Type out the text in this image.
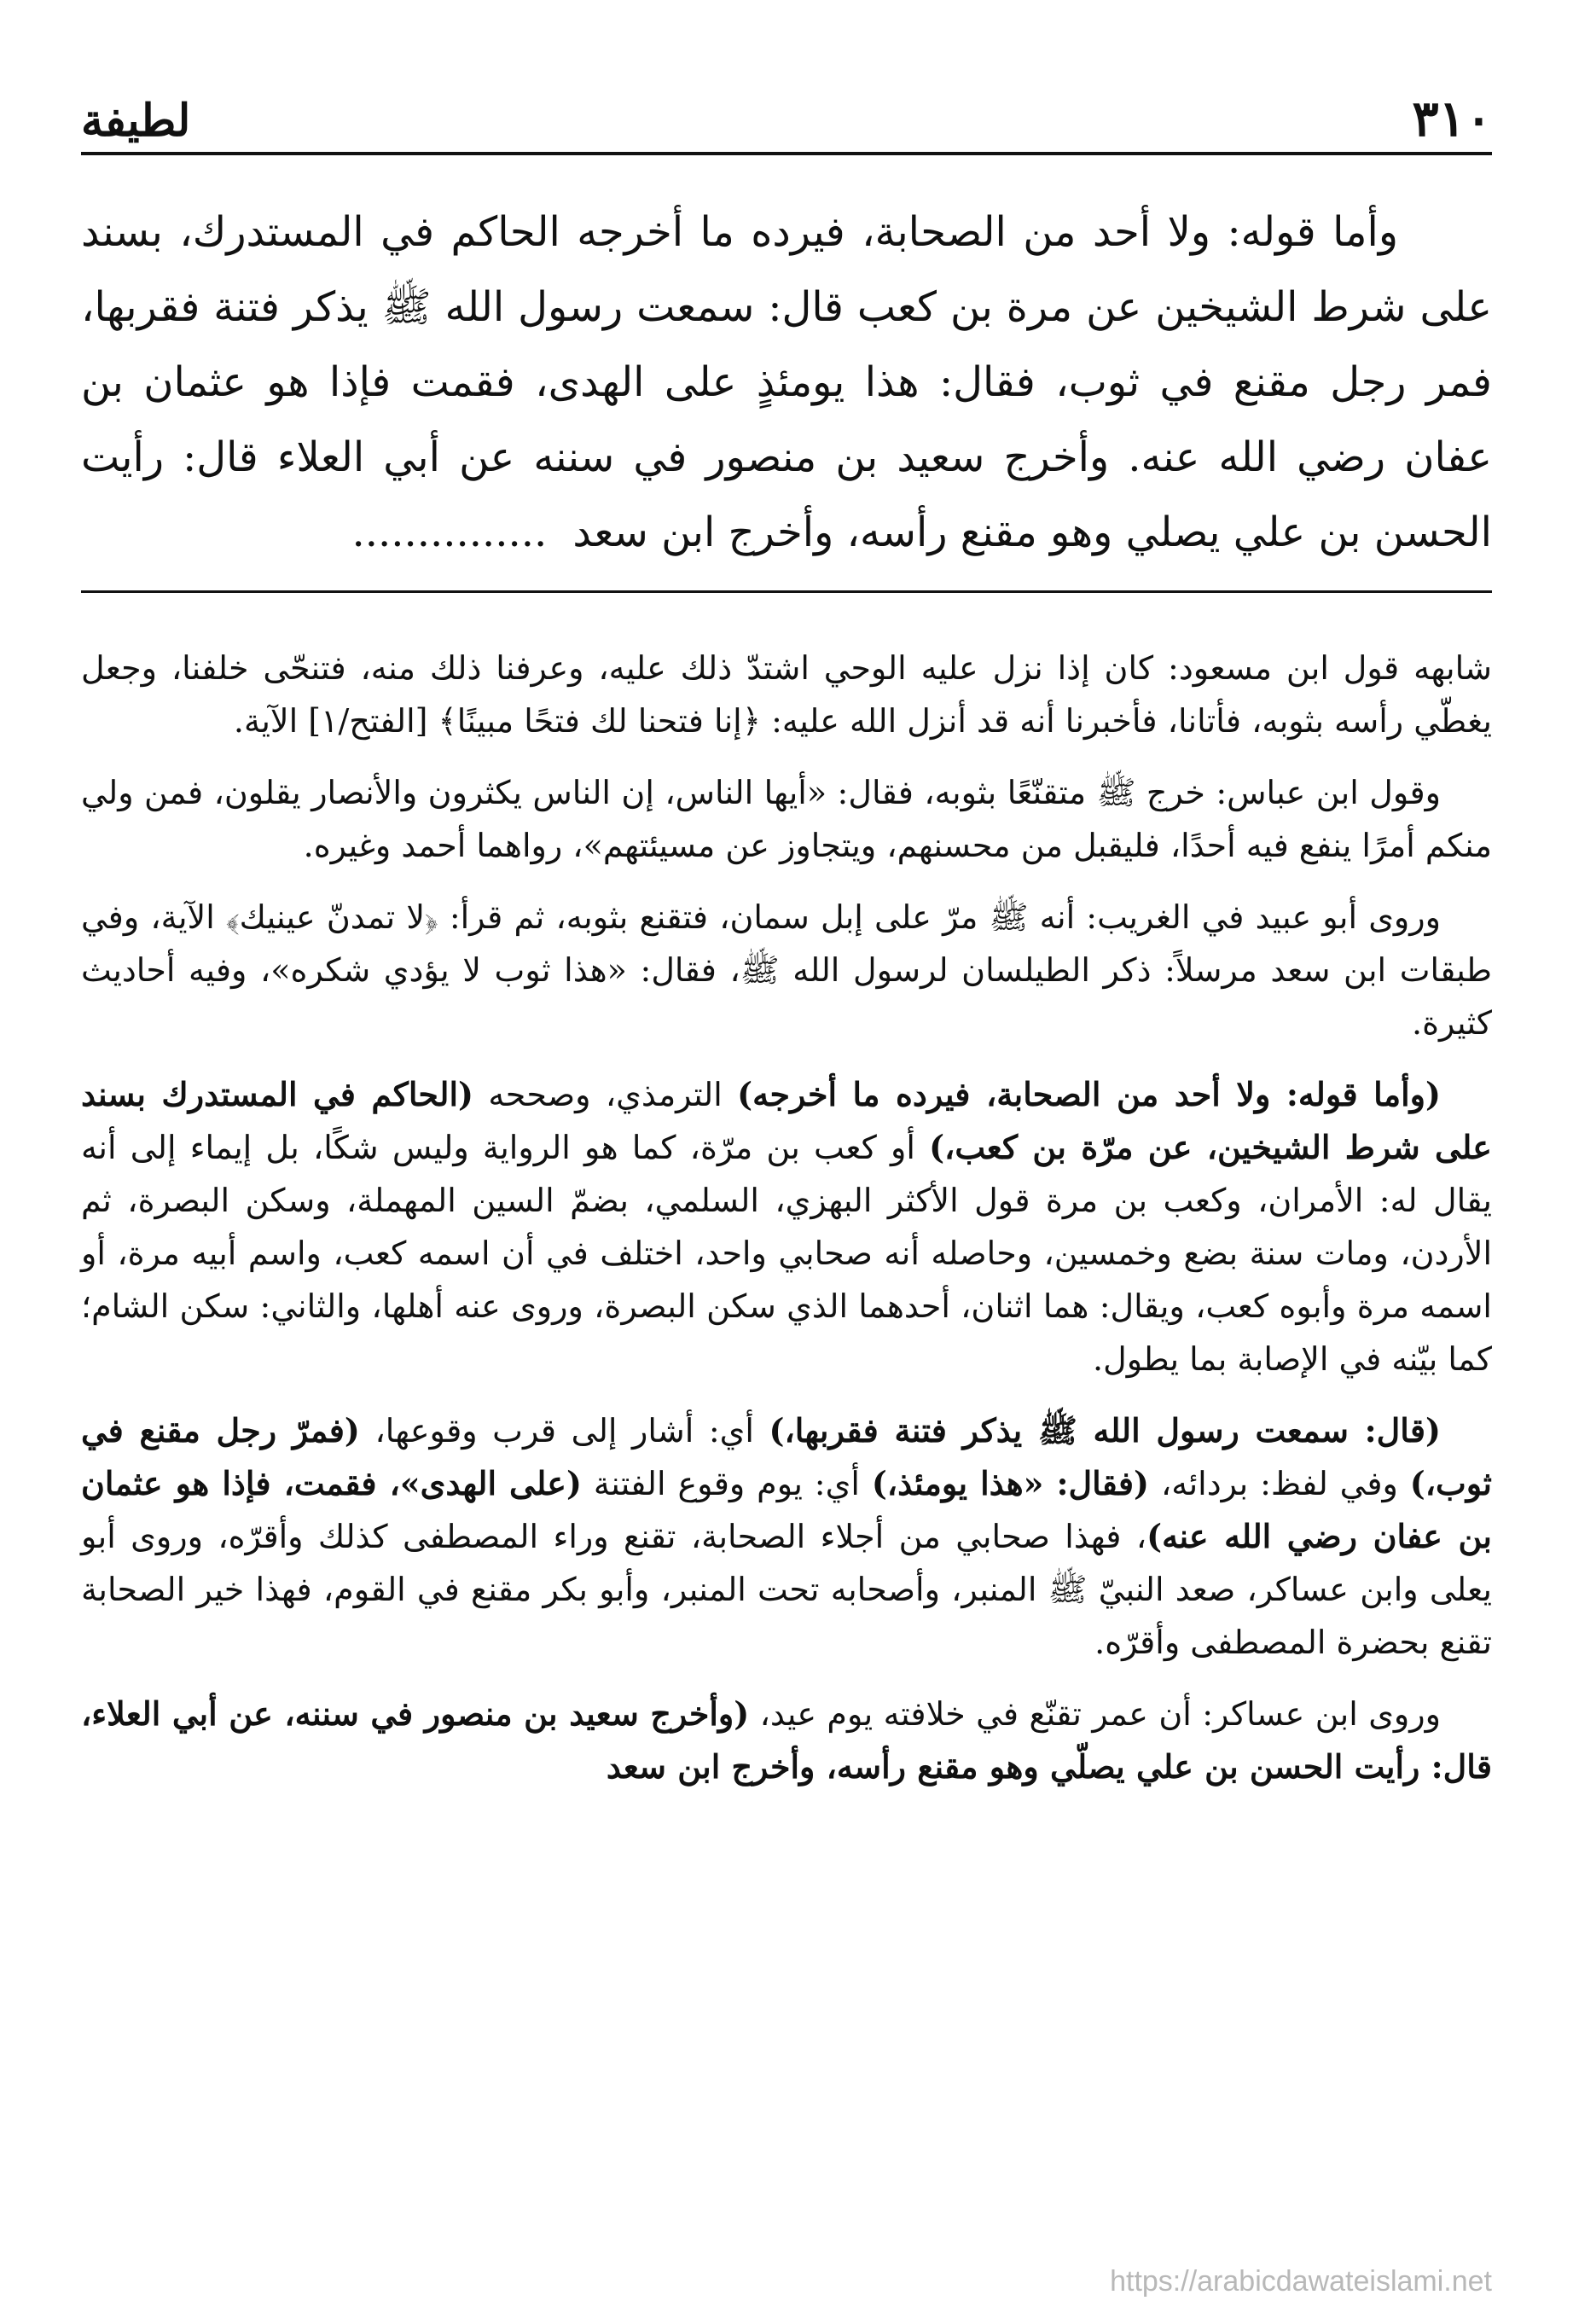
٣١٠
لطيفة

وأما قوله: ولا أحد من الصحابة، فيرده ما أخرجه الحاكم في المستدرك، بسند على شرط الشيخين عن مرة بن كعب قال: سمعت رسول الله ﷺ يذكر فتنة فقربها، فمر رجل مقنع في ثوب، فقال: هذا يومئذٍ على الهدى، فقمت فإذا هو عثمان بن عفان رضي الله عنه. وأخرج سعيد بن منصور في سننه عن أبي العلاء قال: رأيت الحسن بن علي يصلي وهو مقنع رأسه، وأخرج ابن سعد...............

شابهه قول ابن مسعود: كان إذا نزل عليه الوحي اشتدّ ذلك عليه، وعرفنا ذلك منه، فتنحّى خلفنا، وجعل يغطّي رأسه بثوبه، فأتانا، فأخبرنا أنه قد أنزل الله عليه: ﴿إنا فتحنا لك فتحًا مبينًا﴾ [الفتح/١] الآية.

وقول ابن عباس: خرج ﷺ متقنّعًا بثوبه، فقال: «أيها الناس، إن الناس يكثرون والأنصار يقلون، فمن ولي منكم أمرًا ينفع فيه أحدًا، فليقبل من محسنهم، ويتجاوز عن مسيئتهم»، رواهما أحمد وغيره.

وروى أبو عبيد في الغريب: أنه ﷺ مرّ على إبل سمان، فتقنع بثوبه، ثم قرأ: ﴿لا تمدنّ عينيك﴾ الآية، وفي طبقات ابن سعد مرسلاً: ذكر الطيلسان لرسول الله ﷺ، فقال: «هذا ثوب لا يؤدي شكره»، وفيه أحاديث كثيرة.

(وأما قوله: ولا أحد من الصحابة، فيرده ما أخرجه) الترمذي، وصححه (الحاكم في المستدرك بسند على شرط الشيخين، عن مرّة بن كعب،) أو كعب بن مرّة، كما هو الرواية وليس شكًا، بل إيماء إلى أنه يقال له: الأمران، وكعب بن مرة قول الأكثر البهزي، السلمي، بضمّ السين المهملة، وسكن البصرة، ثم الأردن، ومات سنة بضع وخمسين، وحاصله أنه صحابي واحد، اختلف في أن اسمه كعب، واسم أبيه مرة، أو اسمه مرة وأبوه كعب، ويقال: هما اثنان، أحدهما الذي سكن البصرة، وروى عنه أهلها، والثاني: سكن الشام؛ كما بيّنه في الإصابة بما يطول.

(قال: سمعت رسول الله ﷺ يذكر فتنة فقربها،) أي: أشار إلى قرب وقوعها، (فمرّ رجل مقنع في ثوب،) وفي لفظ: بردائه، (فقال: «هذا يومئذ،) أي: يوم وقوع الفتنة (على الهدى»، فقمت، فإذا هو عثمان بن عفان رضي الله عنه)، فهذا صحابي من أجلاء الصحابة، تقنع وراء المصطفى كذلك وأقرّه، وروى أبو يعلى وابن عساكر، صعد النبيّ ﷺ المنبر، وأصحابه تحت المنبر، وأبو بكر مقنع في القوم، فهذا خير الصحابة تقنع بحضرة المصطفى وأقرّه.

وروى ابن عساكر: أن عمر تقنّع في خلافته يوم عيد، (وأخرج سعيد بن منصور في سننه، عن أبي العلاء، قال: رأيت الحسن بن علي يصلّي وهو مقنع رأسه، وأخرج ابن سعد

https://arabicdawateislami.net
